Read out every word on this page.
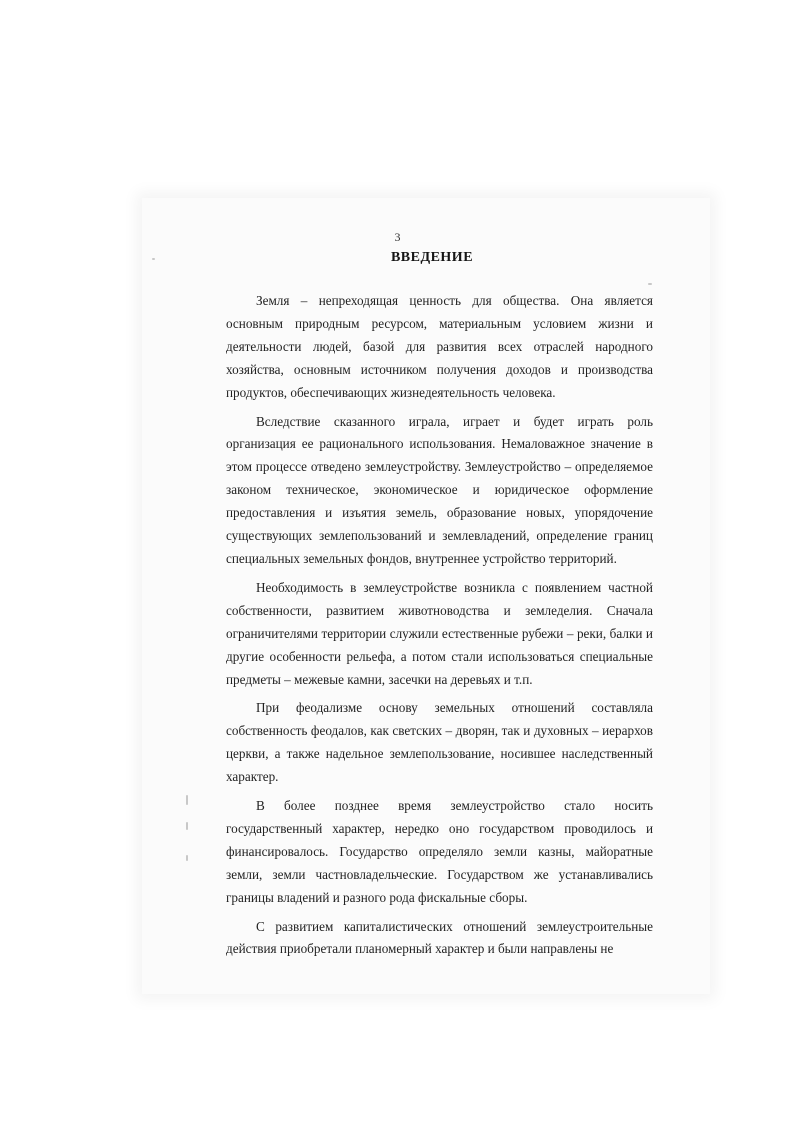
3
ВВЕДЕНИЕ

Земля – непреходящая ценность для общества. Она является основным природным ресурсом, материальным условием жизни и деятельности людей, базой для развития всех отраслей народного хозяйства, основным источником получения доходов и производства продуктов, обеспечивающих жизнедеятельность человека.

Вследствие сказанного играла, играет и будет играть роль организация ее рационального использования. Немаловажное значение в этом процессе отведено землеустройству. Землеустройство – определяемое законом техническое, экономическое и юридическое оформление предоставления и изъятия земель, образование новых, упорядочение существующих землепользований и землевладений, определение границ специальных земельных фондов, внутреннее устройство территорий.

Необходимость в землеустройстве возникла с появлением частной собственности, развитием животноводства и земледелия. Сначала ограничителями территории служили естественные рубежи – реки, балки и другие особенности рельефа, а потом стали использоваться специальные предметы – межевые камни, засечки на деревьях и т.п.

При феодализме основу земельных отношений составляла собственность феодалов, как светских – дворян, так и духовных – иерархов церкви, а также надельное землепользование, носившее наследственный характер.

В более позднее время землеустройство стало носить государственный характер, нередко оно государством проводилось и финансировалось. Государство определяло земли казны, майоратные земли, земли частновладельческие. Государством же устанавливались границы владений и разного рода фискальные сборы.

С развитием капиталистических отношений землеустроительные действия приобретали планомерный характер и были направлены не
